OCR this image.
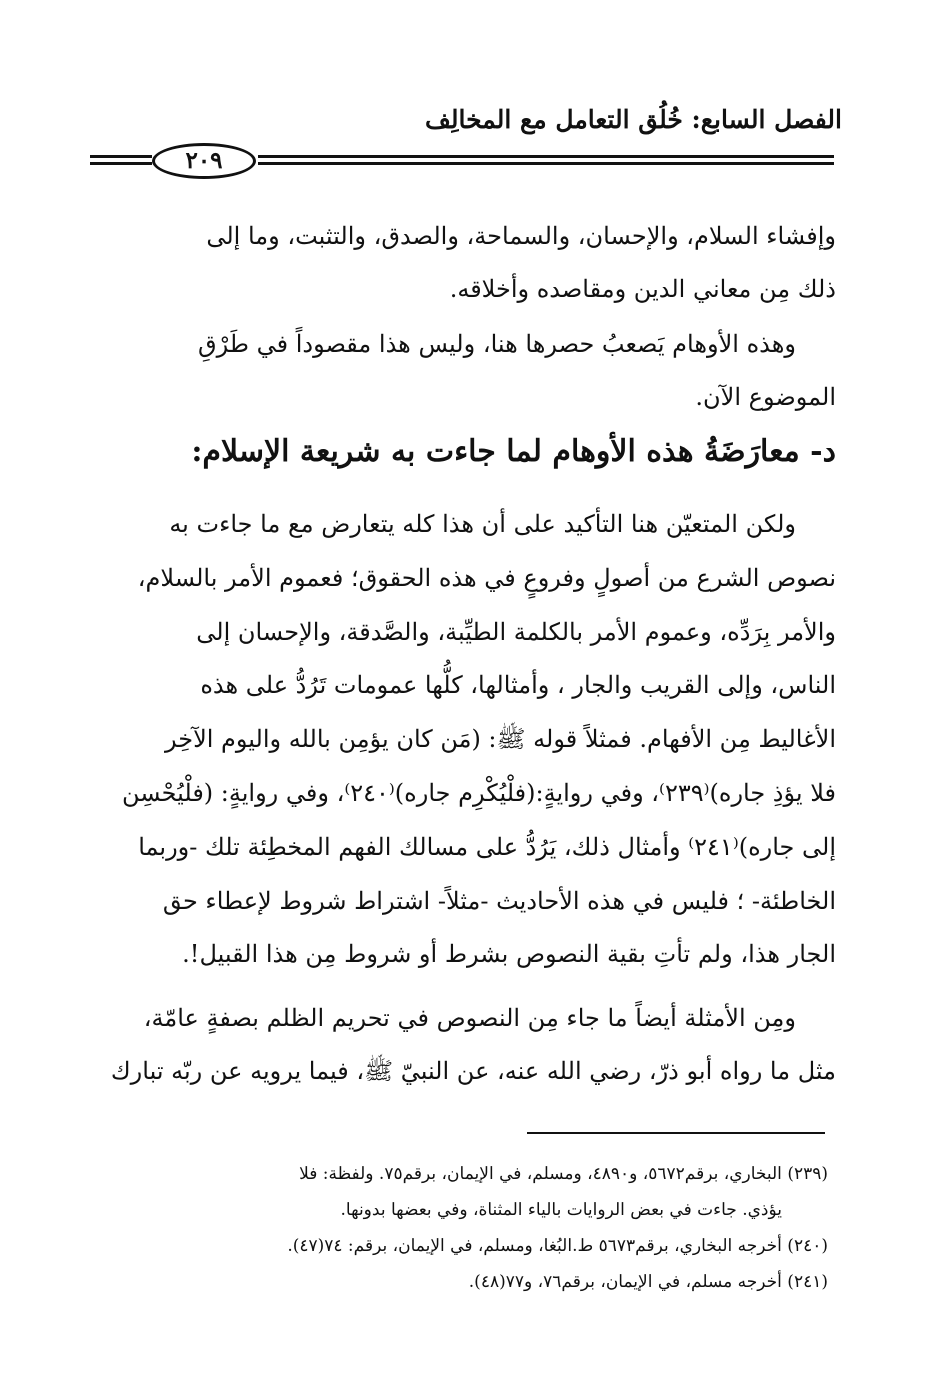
الفصل السابع: خُلُق التعامل مع المخالِف
٢٠٩

وإفشاء السلام، والإحسان، والسماحة، والصدق، والتثبت، وما إلى

ذلك مِن معاني الدين ومقاصده وأخلاقه.

وهذه الأوهام يَصعبُ حصرها هنا، وليس هذا مقصوداً في طَرْقِ

الموضوع الآن.

د- معارَضَةُ هذه الأوهام لما جاءت به شريعة الإسلام:

ولكن المتعيّن هنا التأكيد على أن هذا كله يتعارض مع ما جاءت به

نصوص الشرع من أصولٍ وفروعٍ في هذه الحقوق؛ فعموم الأمر بالسلام،

والأمر بِرَدِّه، وعموم الأمر بالكلمة الطيِّبة، والصَّدقة، والإحسان إلى

الناس، وإلى القريب والجار ، وأمثالها، كلُّها عمومات تَرُدُّ على هذه

الأغاليط مِن الأفهام. فمثلاً قوله ﷺ: (مَن كان يؤمِن بالله واليوم الآخِر

فلا يؤذِ جاره)⁽٢٣٩⁾، وفي روايةٍ:(فلْيُكْرِم جاره)⁽٢٤٠⁾، وفي روايةٍ: (فلْيُحْسِن

إلى جاره)⁽٢٤١⁾ وأمثال ذلك، يَرُدُّ على مسالك الفهم المخطِئة تلك -وربما

الخاطئة- ؛ فليس في هذه الأحاديث -مثلاً- اشتراط شروط لإعطاء حق

الجار هذا، ولم تأتِ بقية النصوص بشرط أو شروط مِن هذا القبيل!.

ومِن الأمثلة أيضاً ما جاء مِن النصوص في تحريم الظلم بصفةٍ عامّة،

مثل ما رواه أبو ذرّ، رضي الله عنه، عن النبيّ ﷺ، فيما يرويه عن ربّه تبارك

(٢٣٩) البخاري، برقم٥٦٧٢، و٤٨٩٠، ومسلم، في الإيمان، برقم٧٥. ولفظة: فلا

يؤذي. جاءت في بعض الروايات بالياء المثناة، وفي بعضها بدونها.

(٢٤٠) أخرجه البخاري، برقم٥٦٧٣ ط.البُغا، ومسلم، في الإيمان، برقم: ٧٤(٤٧).

(٢٤١) أخرجه مسلم، في الإيمان، برقم٧٦، و٧٧(٤٨).
